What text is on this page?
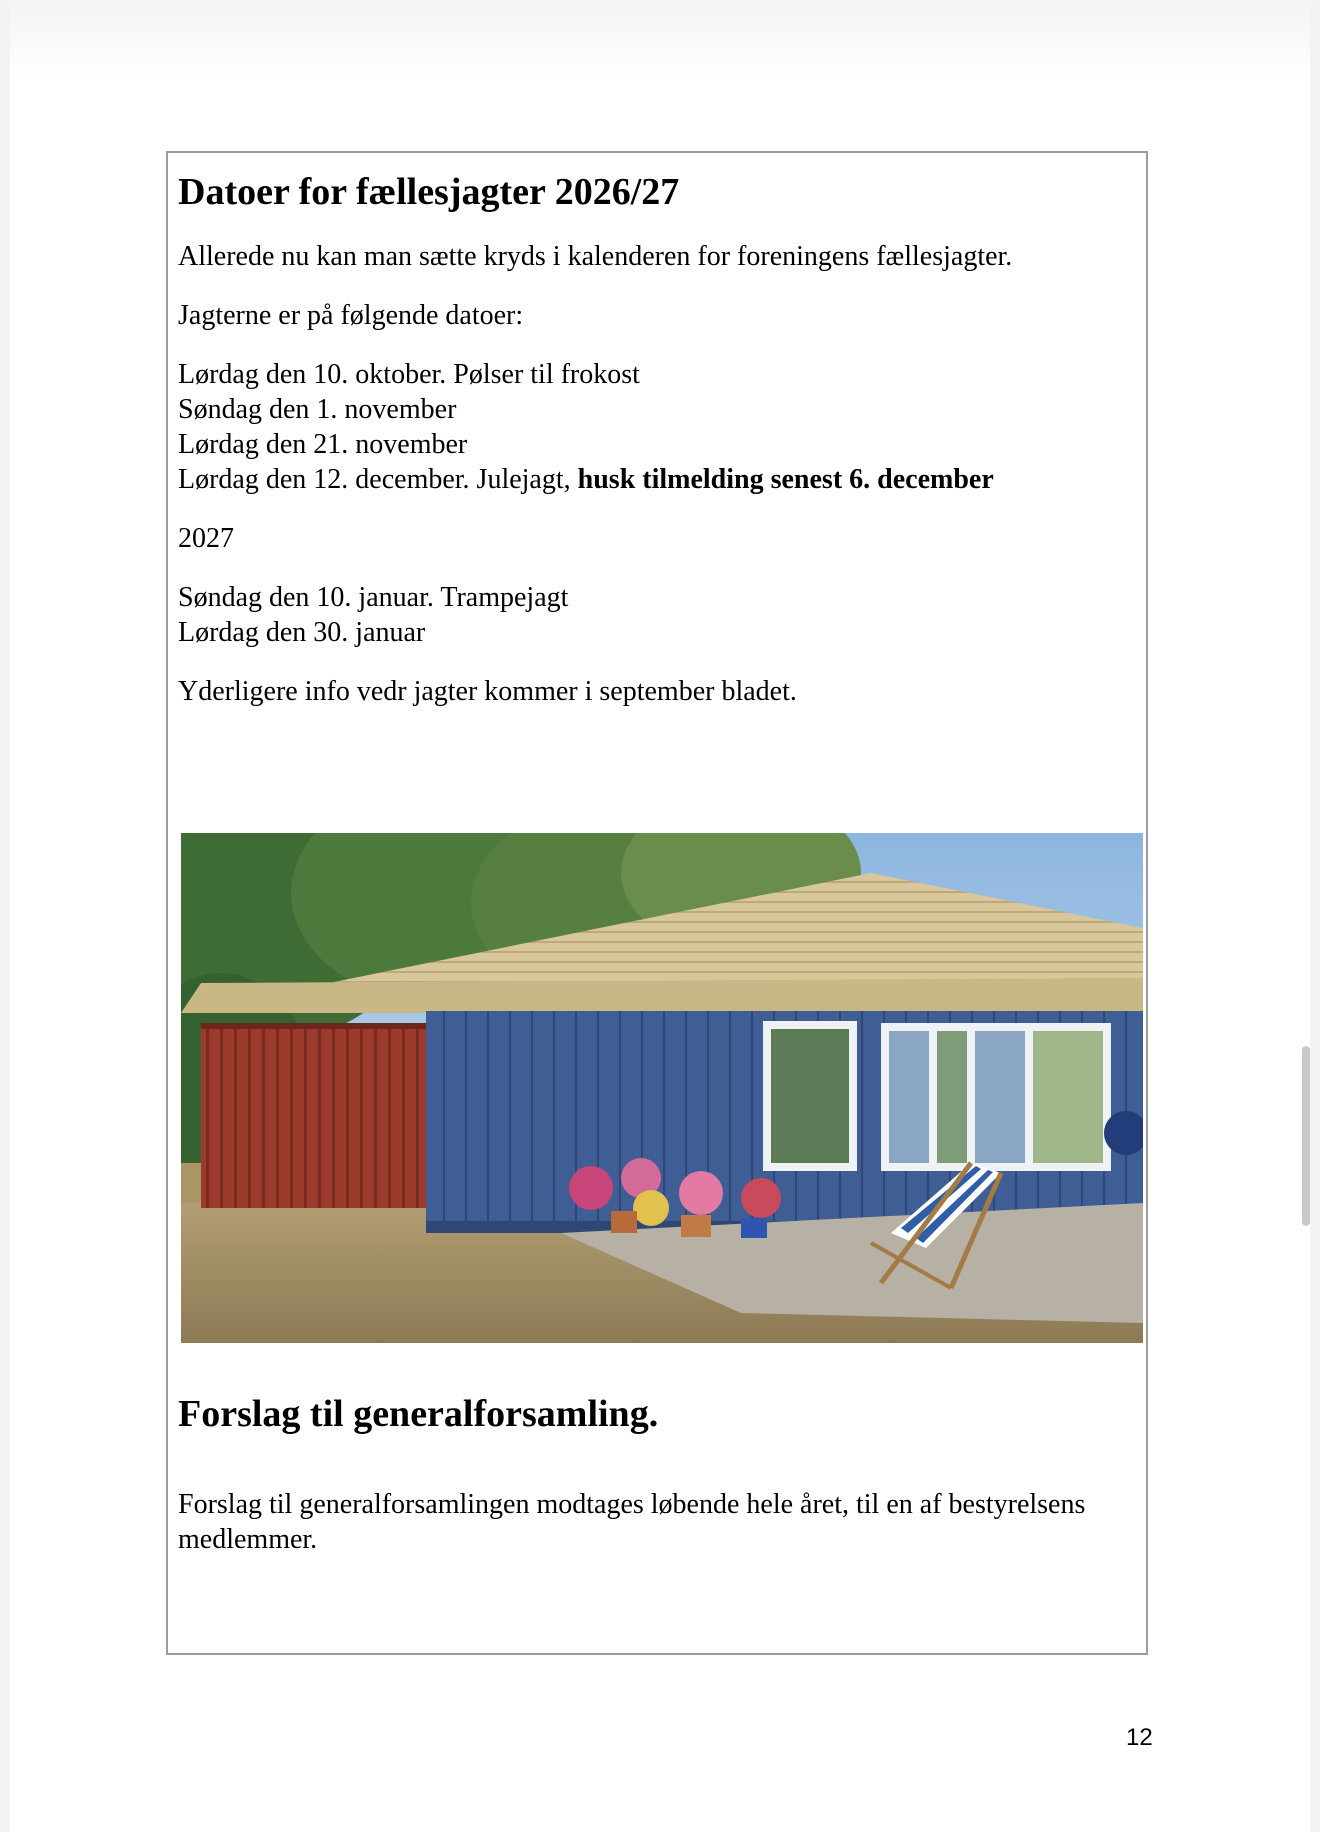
Datoer for fællesjagter 2026/27

Allerede nu kan man sætte kryds i kalenderen for foreningens fællesjagter.

Jagterne er på følgende datoer:

Lørdag den 10. oktober. Pølser til frokost
Søndag den 1. november
Lørdag den 21. november
Lørdag den 12. december. Julejagt, husk tilmelding senest 6. december

2027

Søndag den 10. januar. Trampejagt
Lørdag den 30. januar

Yderligere info vedr jagter kommer i september bladet.

Forslag til generalforsamling.

Forslag til generalforsamlingen modtages løbende hele året, til en af bestyrelsens medlemmer.

12
